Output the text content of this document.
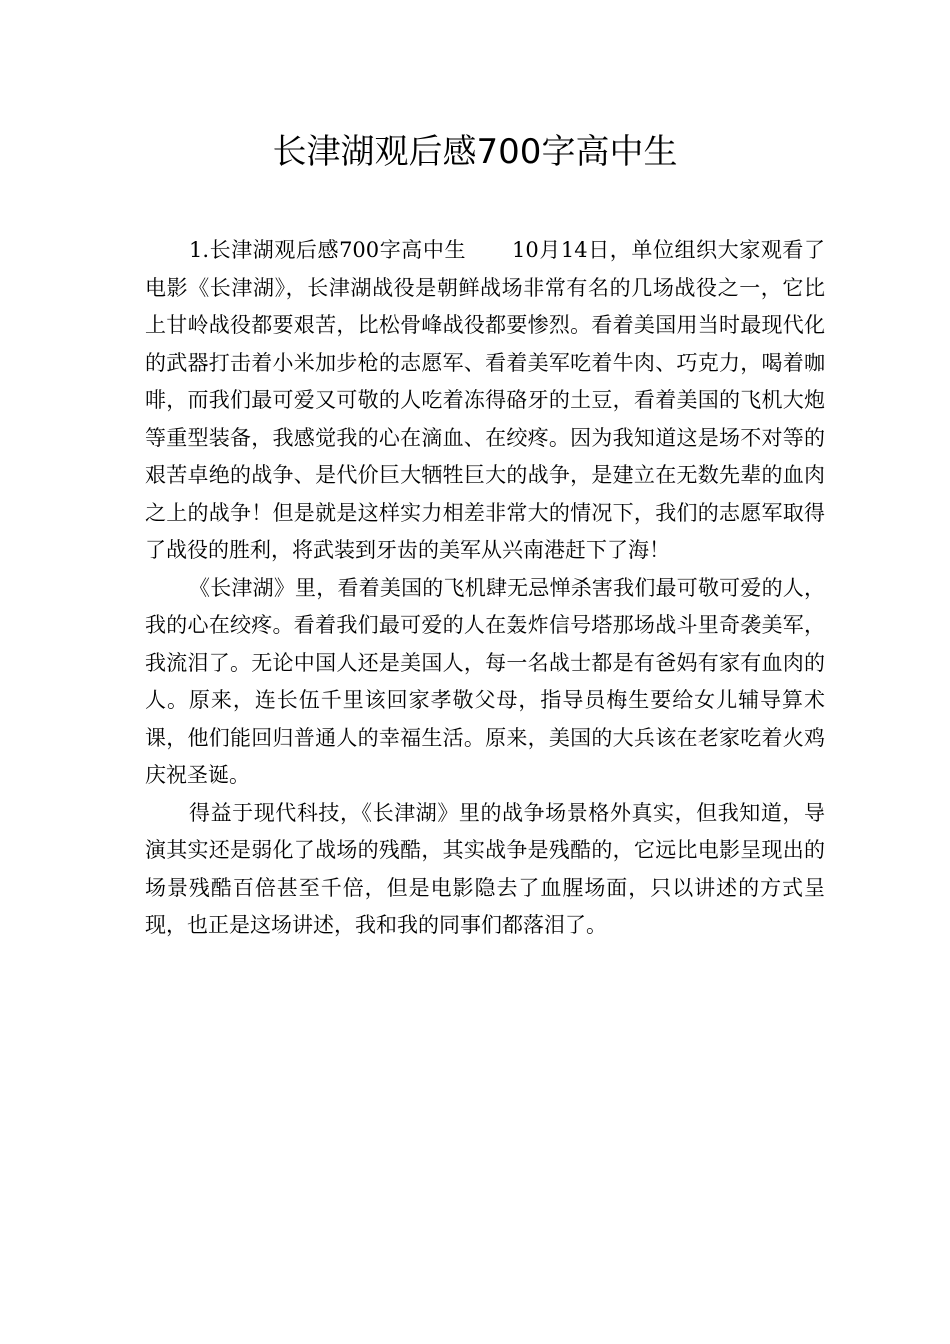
长津湖观后感700字高中生

1.长津湖观后感700字高中生 10月14日，单位组织大家观看了电影《长津湖》，长津湖战役是朝鲜战场非常有名的几场战役之一，它比上甘岭战役都要艰苦，比松骨峰战役都要惨烈。看着美国用当时最现代化的武器打击着小米加步枪的志愿军、看着美军吃着牛肉、巧克力，喝着咖啡，而我们最可爱又可敬的人吃着冻得硌牙的土豆，看着美国的飞机大炮等重型装备，我感觉我的心在滴血、在绞疼。因为我知道这是场不对等的艰苦卓绝的战争、是代价巨大牺牲巨大的战争，是建立在无数先辈的血肉之上的战争！但是就是这样实力相差非常大的情况下，我们的志愿军取得了战役的胜利，将武装到牙齿的美军从兴南港赶下了海！

《长津湖》里，看着美国的飞机肆无忌惮杀害我们最可敬可爱的人，我的心在绞疼。看着我们最可爱的人在轰炸信号塔那场战斗里奇袭美军，我流泪了。无论中国人还是美国人，每一名战士都是有爸妈有家有血肉的人。原来，连长伍千里该回家孝敬父母，指导员梅生要给女儿辅导算术课，他们能回归普通人的幸福生活。原来，美国的大兵该在老家吃着火鸡庆祝圣诞。

得益于现代科技，《长津湖》里的战争场景格外真实，但我知道，导演其实还是弱化了战场的残酷，其实战争是残酷的，它远比电影呈现出的场景残酷百倍甚至千倍，但是电影隐去了血腥场面，只以讲述的方式呈现，也正是这场讲述，我和我的同事们都落泪了。
